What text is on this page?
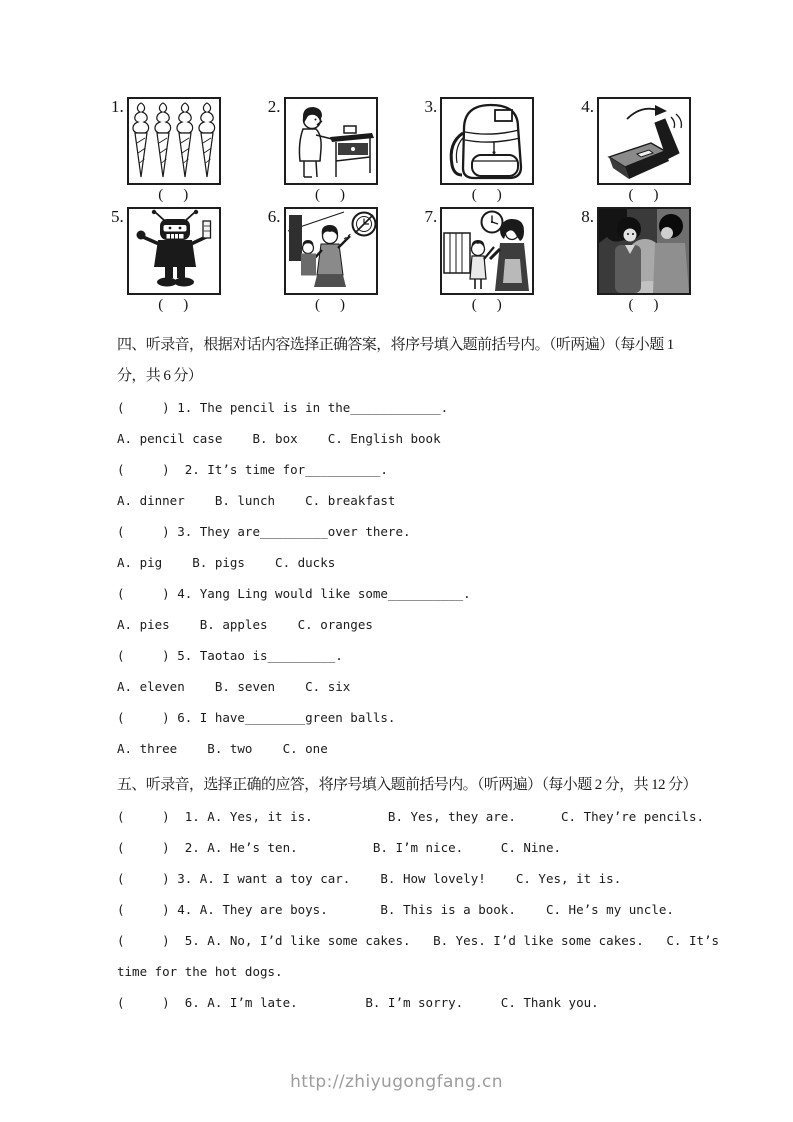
1.
(    )
2.
(    )
3.
(    )
4.
(    )
5.
(    )
6.
(    )
7.
(    )
8.
(    )
四、听录音，根据对话内容选择正确答案，将序号填入题前括号内。（听两遍）（每小题 1
分，共 6 分）
(     ) 1. The pencil is in the____________.
A. pencil case    B. box    C. English book
(     )  2. It’s time for__________.
A. dinner    B. lunch    C. breakfast
(     ) 3. They are_________over there.
A. pig    B. pigs    C. ducks
(     ) 4. Yang Ling would like some__________.
A. pies    B. apples    C. oranges
(     ) 5. Taotao is_________.
A. eleven    B. seven    C. six
(     ) 6. I have________green balls.
A. three    B. two    C. one
五、听录音，选择正确的应答，将序号填入题前括号内。（听两遍）（每小题 2 分，共 12 分）
(     )  1. A. Yes, it is.          B. Yes, they are.      C. They’re pencils.
(     )  2. A. He’s ten.          B. I’m nice.     C. Nine.
(     ) 3. A. I want a toy car.    B. How lovely!    C. Yes, it is.
(     ) 4. A. They are boys.       B. This is a book.    C. He’s my uncle.
(     )  5. A. No, I’d like some cakes.   B. Yes. I’d like some cakes.   C. It’s
time for the hot dogs.
(     )  6. A. I’m late.         B. I’m sorry.     C. Thank you.
http://zhiyugongfang.cn
